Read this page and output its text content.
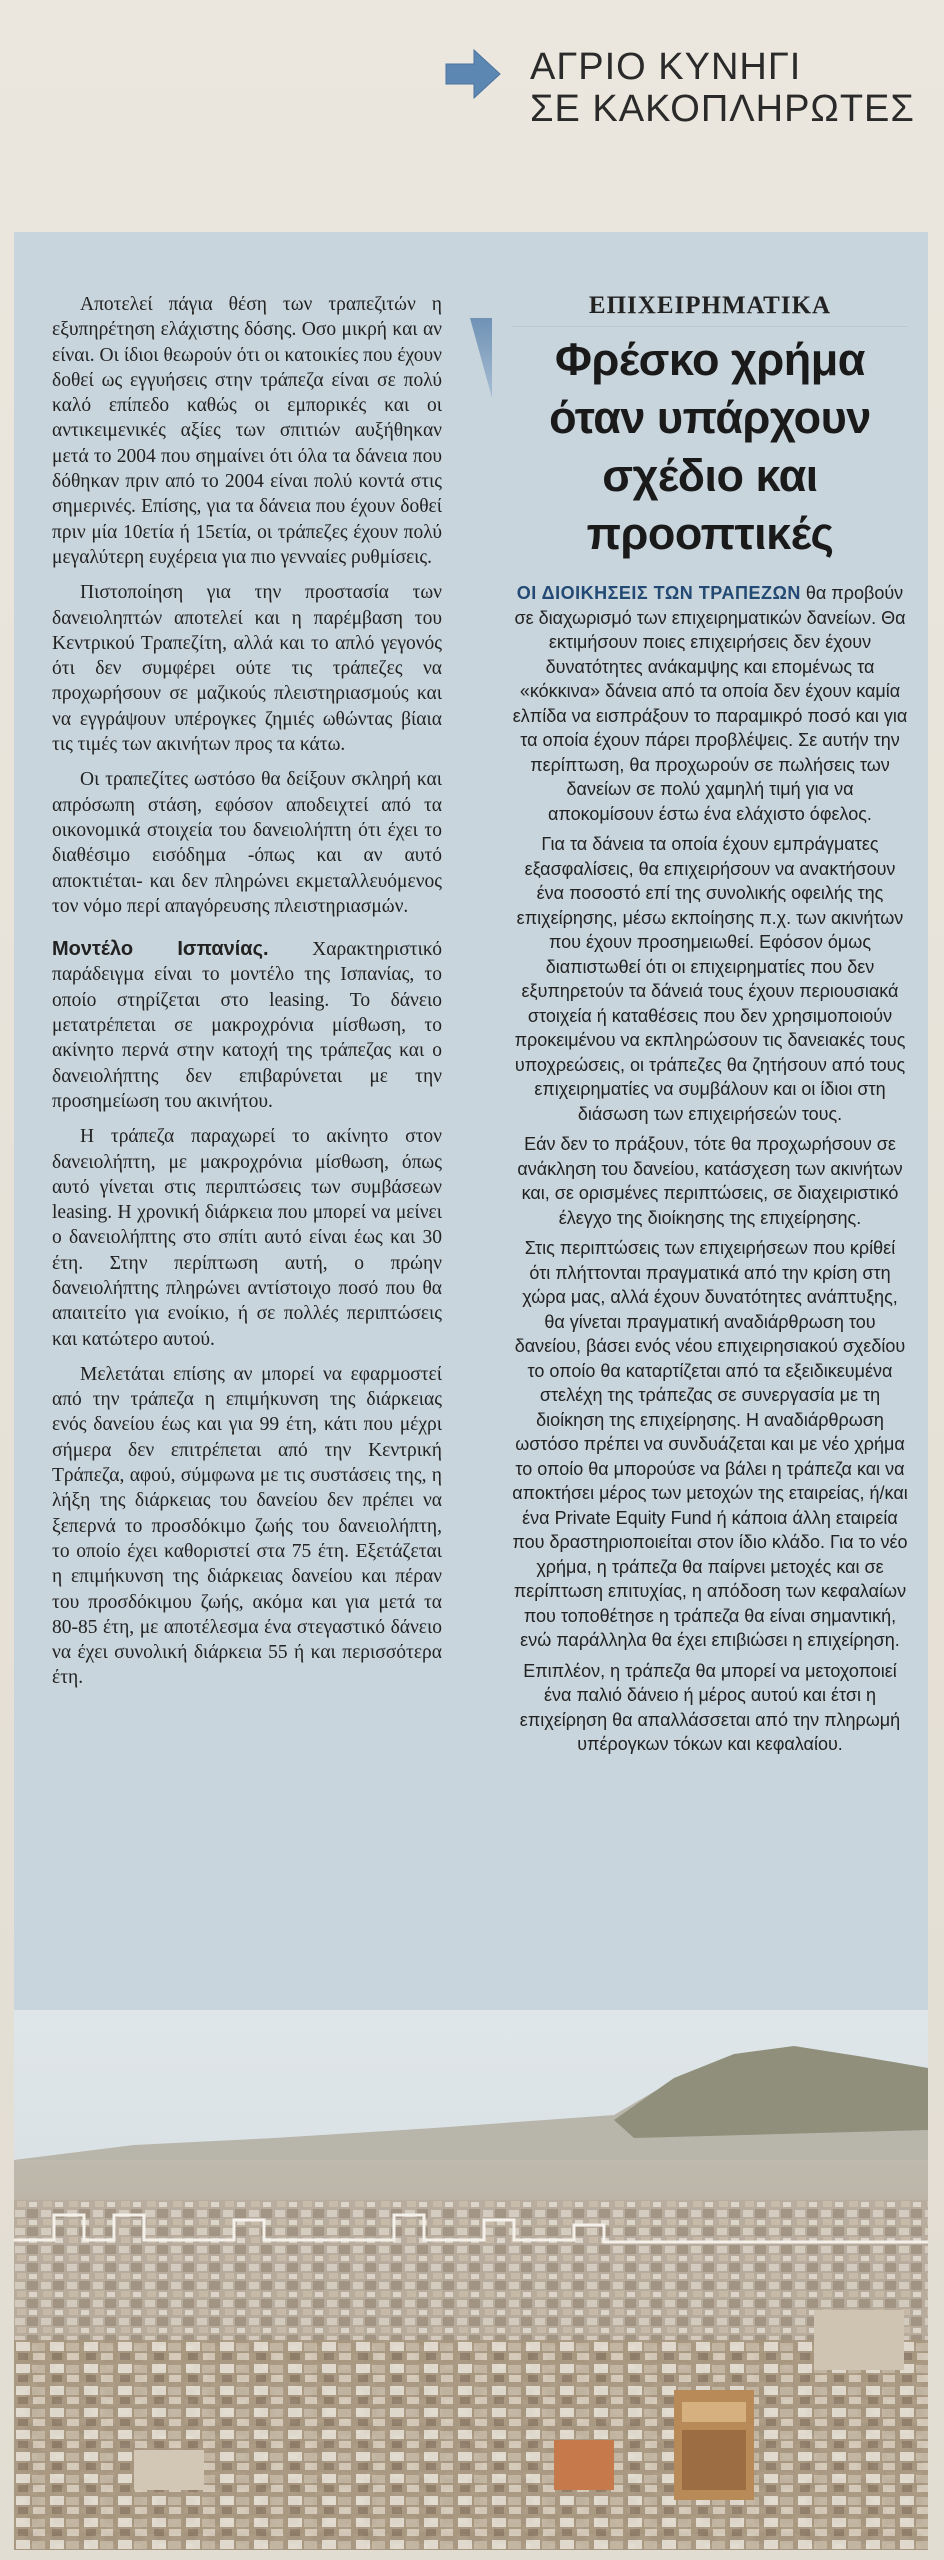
ΑΓΡΙΟ ΚΥΝΗΓΙ
ΣΕ ΚΑΚΟΠΛΗΡΩΤΕΣ

Αποτελεί πάγια θέση των τραπεζιτών η εξυπηρέτηση ελάχιστης δόσης. Οσο μικρή και αν είναι. Οι ίδιοι θεωρούν ότι οι κατοικίες που έχουν δοθεί ως εγγυήσεις στην τράπεζα είναι σε πολύ καλό επίπεδο καθώς οι εμπορικές και οι αντικειμενικές αξίες των σπιτιών αυξήθηκαν μετά το 2004 που σημαίνει ότι όλα τα δάνεια που δόθηκαν πριν από το 2004 είναι πολύ κοντά στις σημερινές. Επίσης, για τα δάνεια που έχουν δοθεί πριν μία 10ετία ή 15ετία, οι τράπεζες έχουν πολύ μεγαλύτερη ευχέρεια για πιο γενναίες ρυθμίσεις.

Πιστοποίηση για την προστασία των δανειοληπτών αποτελεί και η παρέμβαση του Κεντρικού Τραπεζίτη, αλλά και το απλό γεγονός ότι δεν συμφέρει ούτε τις τράπεζες να προχωρήσουν σε μαζικούς πλειστηριασμούς και να εγγράψουν υπέρογκες ζημιές ωθώντας βίαια τις τιμές των ακινήτων προς τα κάτω.

Οι τραπεζίτες ωστόσο θα δείξουν σκληρή και απρόσωπη στάση, εφόσον αποδειχτεί από τα οικονομικά στοιχεία του δανειολήπτη ότι έχει το διαθέσιμο εισόδημα -όπως και αν αυτό αποκτιέται- και δεν πληρώνει εκμεταλλευόμενος τον νόμο περί απαγόρευσης πλειστηριασμών.

Μοντέλο Ισπανίας. Χαρακτηριστικό παράδειγμα είναι το μοντέλο της Ισπανίας, το οποίο στηρίζεται στο leasing. Το δάνειο μετατρέπεται σε μακροχρόνια μίσθωση, το ακίνητο περνά στην κατοχή της τράπεζας και ο δανειολήπτης δεν επιβαρύνεται με την προσημείωση του ακινήτου.

Η τράπεζα παραχωρεί το ακίνητο στον δανειολήπτη, με μακροχρόνια μίσθωση, όπως αυτό γίνεται στις περιπτώσεις των συμβάσεων leasing. Η χρονική διάρκεια που μπορεί να μείνει ο δανειολήπτης στο σπίτι αυτό είναι έως και 30 έτη. Στην περίπτωση αυτή, ο πρώην δανειολήπτης πληρώνει αντίστοιχο ποσό που θα απαιτείτο για ενοίκιο, ή σε πολλές περιπτώσεις και κατώτερο αυτού.

Μελετάται επίσης αν μπορεί να εφαρμοστεί από την τράπεζα η επιμήκυνση της διάρκειας ενός δανείου έως και για 99 έτη, κάτι που μέχρι σήμερα δεν επιτρέπεται από την Κεντρική Τράπεζα, αφού, σύμφωνα με τις συστάσεις της, η λήξη της διάρκειας του δανείου δεν πρέπει να ξεπερνά το προσδόκιμο ζωής του δανειολήπτη, το οποίο έχει καθοριστεί στα 75 έτη. Εξετάζεται η επιμήκυνση της διάρκειας δανείου και πέραν του προσδόκιμου ζωής, ακόμα και για μετά τα 80-85 έτη, με αποτέλεσμα ένα στεγαστικό δάνειο να έχει συνολική διάρκεια 55 ή και περισσότερα έτη.

ΕΠΙΧΕΙΡΗΜΑΤΙΚΑ
Φρέσκο χρήμα όταν υπάρχουν σχέδιο και προοπτικές

ΟΙ ΔΙΟΙΚΗΣΕΙΣ ΤΩΝ ΤΡΑΠΕΖΩΝ θα προβούν σε διαχωρισμό των επιχειρηματικών δανείων. Θα εκτιμήσουν ποιες επιχειρήσεις δεν έχουν δυνατότητες ανάκαμψης και επομένως τα «κόκκινα» δάνεια από τα οποία δεν έχουν καμία ελπίδα να εισπράξουν το παραμικρό ποσό και για τα οποία έχουν πάρει προβλέψεις. Σε αυτήν την περίπτωση, θα προχωρούν σε πωλήσεις των δανείων σε πολύ χαμηλή τιμή για να αποκομίσουν έστω ένα ελάχιστο όφελος.

Για τα δάνεια τα οποία έχουν εμπράγματες εξασφαλίσεις, θα επιχειρήσουν να ανακτήσουν ένα ποσοστό επί της συνολικής οφειλής της επιχείρησης, μέσω εκποίησης π.χ. των ακινήτων που έχουν προσημειωθεί. Εφόσον όμως διαπιστωθεί ότι οι επιχειρηματίες που δεν εξυπηρετούν τα δάνειά τους έχουν περιουσιακά στοιχεία ή καταθέσεις που δεν χρησιμοποιούν προκειμένου να εκπληρώσουν τις δανειακές τους υποχρεώσεις, οι τράπεζες θα ζητήσουν από τους επιχειρηματίες να συμβάλουν και οι ίδιοι στη διάσωση των επιχειρήσεών τους.

Εάν δεν το πράξουν, τότε θα προχωρήσουν σε ανάκληση του δανείου, κατάσχεση των ακινήτων και, σε ορισμένες περιπτώσεις, σε διαχειριστικό έλεγχο της διοίκησης της επιχείρησης.

Στις περιπτώσεις των επιχειρήσεων που κρίθεί ότι πλήττονται πραγματικά από την κρίση στη χώρα μας, αλλά έχουν δυνατότητες ανάπτυξης, θα γίνεται πραγματική αναδιάρθρωση του δανείου, βάσει ενός νέου επιχειρησιακού σχεδίου το οποίο θα καταρτίζεται από τα εξειδικευμένα στελέχη της τράπεζας σε συνεργασία με τη διοίκηση της επιχείρησης. Η αναδιάρθρωση ωστόσο πρέπει να συνδυάζεται και με νέο χρήμα το οποίο θα μπορούσε να βάλει η τράπεζα και να αποκτήσει μέρος των μετοχών της εταιρείας, ή/και ένα Private Equity Fund ή κάποια άλλη εταιρεία που δραστηριοποιείται στον ίδιο κλάδο. Για το νέο χρήμα, η τράπεζα θα παίρνει μετοχές και σε περίπτωση επιτυχίας, η απόδοση των κεφαλαίων που τοποθέτησε η τράπεζα θα είναι σημαντική, ενώ παράλληλα θα έχει επιβιώσει η επιχείρηση.

Επιπλέον, η τράπεζα θα μπορεί να μετοχοποιεί ένα παλιό δάνειο ή μέρος αυτού και έτσι η επιχείρηση θα απαλλάσσεται από την πληρωμή υπέρογκων τόκων και κεφαλαίου.
